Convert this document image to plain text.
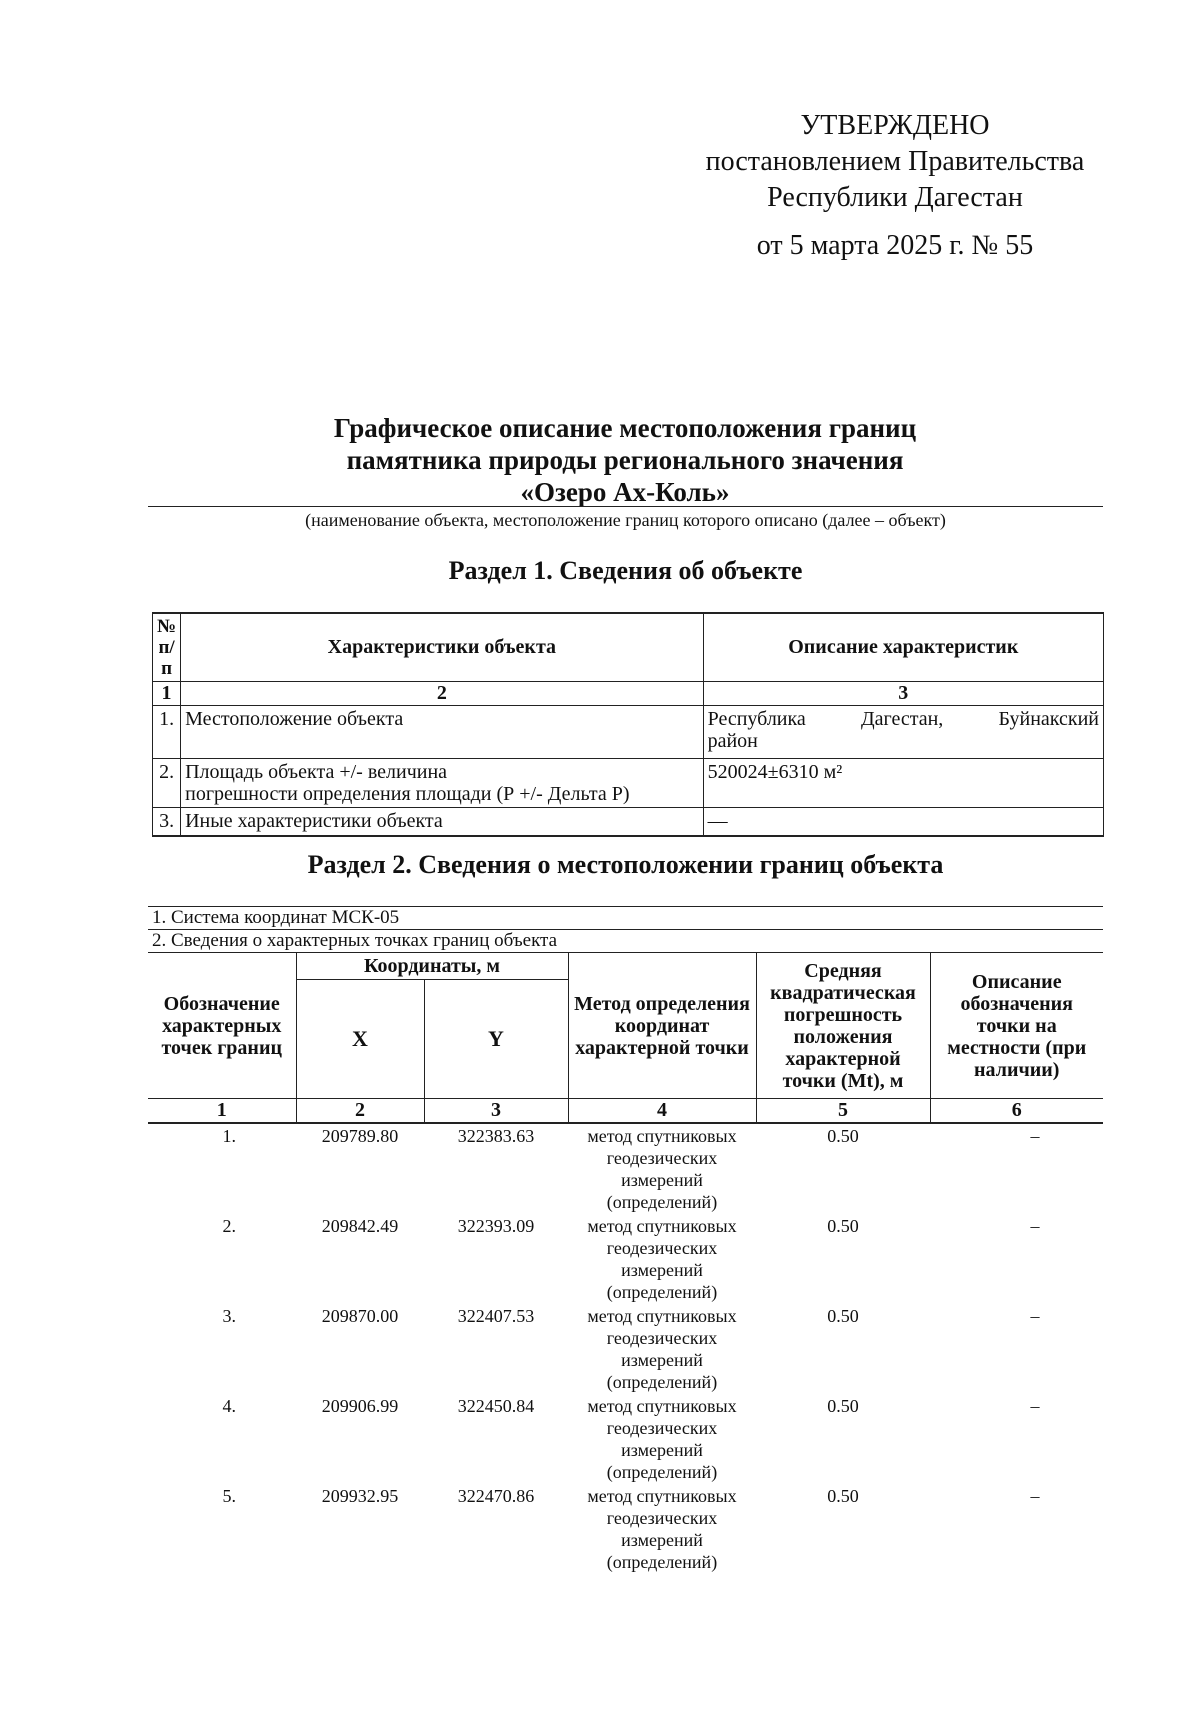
УТВЕРЖДЕНО
постановлением Правительства
Республики Дагестан
от 5 марта 2025 г. № 55
Графическое описание местоположения границ
памятника природы регионального значения
«Озеро Ах-Коль»
(наименование объекта, местоположение границ которого описано (далее – объект)
Раздел 1. Сведения об объекте
№ п/п	Характеристики объекта	Описание характеристик
1	2	3
1.	Местоположение объекта	Республика Дагестан, Буйнакский
район

2.	Площадь объекта +/- величина
погрешности определения площади (Р +/- Дельта Р)	520024±6310 м²
3.	Иные характеристики объекта	—
Раздел 2. Сведения о местоположении границ объекта
1. Система координат МСК-05					
2. Сведения о характерных точках границ объекта					
Обозначение характерных точек границ	Координаты, м		Метод определения координат характерной точки	Средняя квадратическая погрешность положения характерной точки (Mt), м	Описание обозначения точки на местности (при наличии)
	X	Y			
1	2	3	4	5	6
1.	209789.80	322383.63	метод спутниковых геодезических измерений (определений)	0.50	–
2.	209842.49	322393.09	метод спутниковых геодезических измерений (определений)	0.50	–
3.	209870.00	322407.53	метод спутниковых геодезических измерений (определений)	0.50	–
4.	209906.99	322450.84	метод спутниковых геодезических измерений (определений)	0.50	–
5.	209932.95	322470.86	метод спутниковых геодезических измерений (определений)	0.50	–
